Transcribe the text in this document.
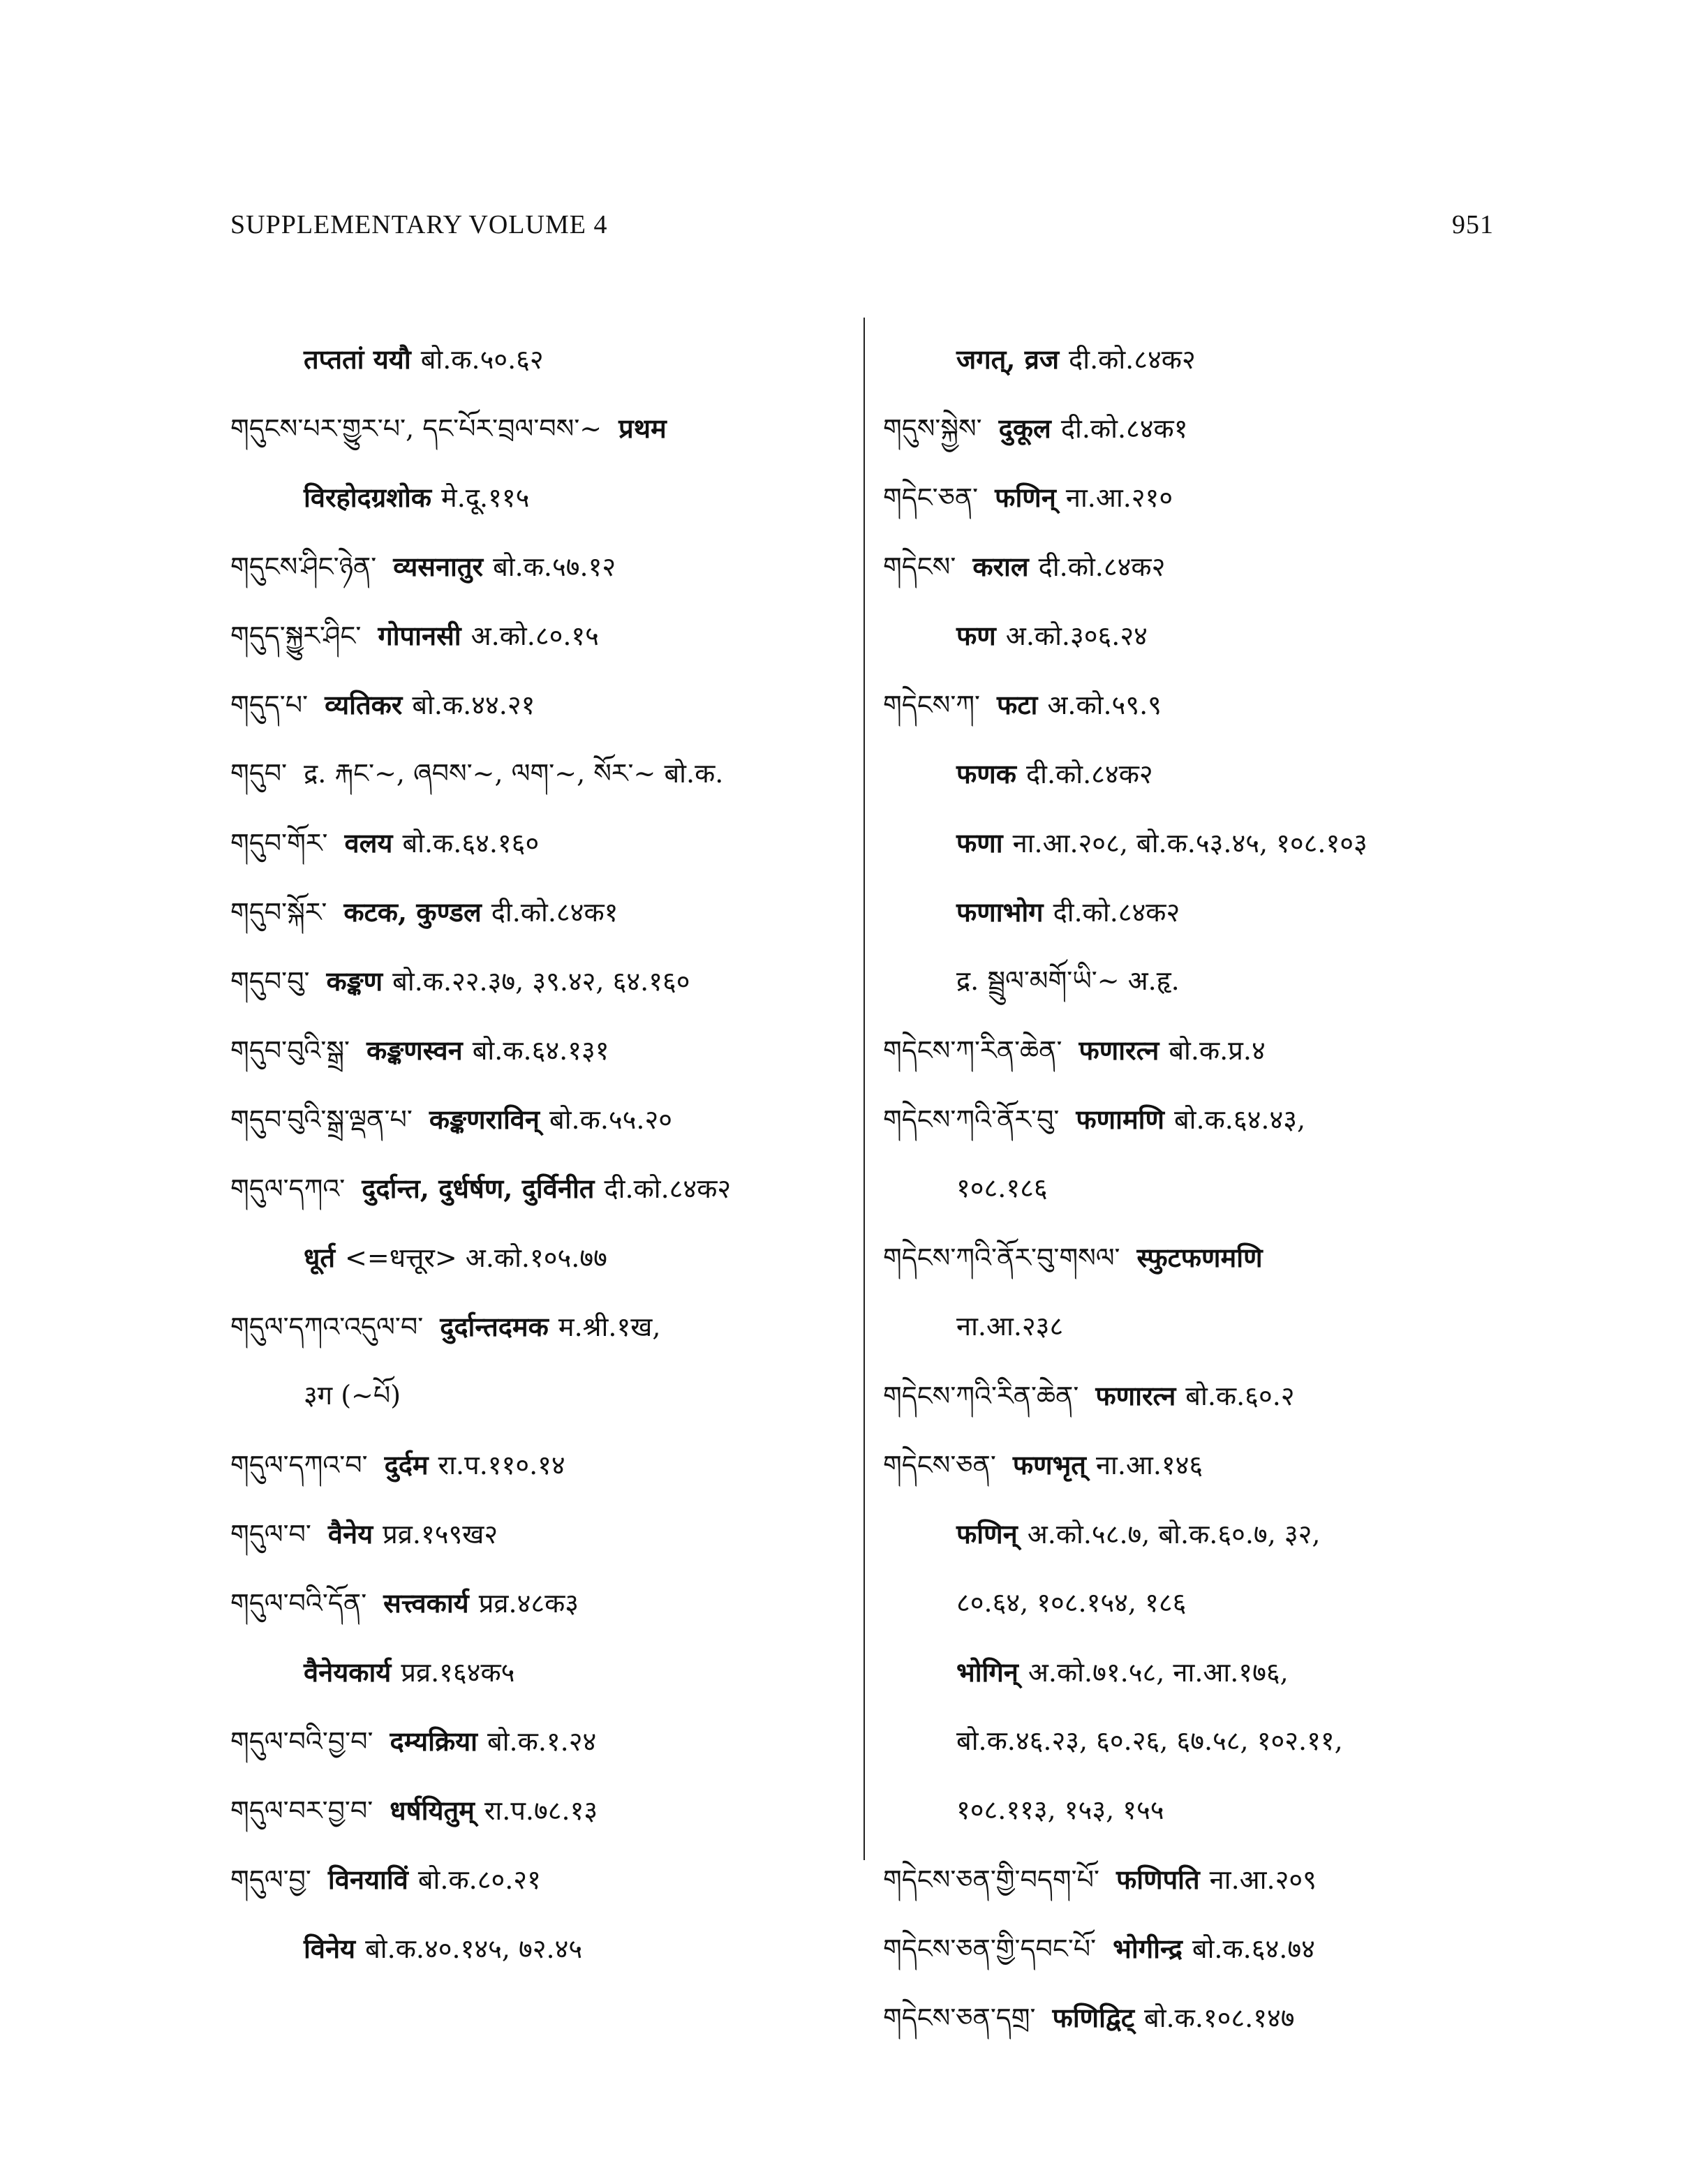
SUPPLEMENTARY VOLUME 4	951
तप्ततां ययौ बो.क.५०.६२
གདུངས་པར་གྱུར་པ་, དང་པོར་བྲལ་བས་~ प्रथम
विरहोदग्रशोक मे.दू.११५
གདུངས་ཤིང་ཉེན་ व्यसनातुर बो.क.५७.१२
གདུད་སྐྱུར་ཤིང་ गोपानसी अ.को.८०.१५
གདུད་པ་ व्यतिकर बो.क.४४.२१
གདུབ་ द्र. རྐང་~, ཞབས་~, ལག་~, སོར་~ बो.क.
གདུབ་གོར་ वलय बो.क.६४.१६०
གདུབ་སྐོར་ कटक, कुण्डल दी.को.८४क१
གདུབ་བུ་ कङ्कण बो.क.२२.३७, ३९.४२, ६४.१६०
གདུབ་བུའི་སྒྲ་ कङ्कणस्वन बो.क.६४.१३१
གདུབ་བུའི་སྒྲ་ལྡན་པ་ कङ्कणराविन् बो.क.५५.२०
གདུལ་དཀའ་ दुर्दान्त, दुर्धर्षण, दुर्विनीत दी.को.८४क२
धूर्त <=धत्तूर> अ.को.१०५.७७
གདུལ་དཀའ་འདུལ་བ་ दुर्दान्तदमक म.श्री.१ख,
३ग (~པོ)
གདུལ་དཀའ་བ་ दुर्दम रा.प.११०.१४
གདུལ་བ་ वैनेय प्रव्र.१५९ख२
གདུལ་བའི་དོན་ सत्त्वकार्य प्रव्र.४८क३
वैनेयकार्य प्रव्र.१६४क५
གདུལ་བའི་བྱ་བ་ दम्यक्रिया बो.क.१.२४
གདུལ་བར་བྱ་བ་ धर्षयितुम् रा.प.७८.१३
གདུལ་བྱ་ विनयाविं बो.क.८०.२१
विनेय बो.क.४०.१४५, ७२.४५
जगत्, व्रज दी.को.८४क२
གདུས་སྐྱེས་ दुकूल दी.को.८४क१
གདེང་ཅན་ फणिन् ना.आ.२१०
གདེངས་ कराल दी.को.८४क२
फण अ.को.३०६.२४
གདེངས་ཀ་ फटा अ.को.५९.९
फणक दी.को.८४क२
फणा ना.आ.२०८, बो.क.५३.४५, १०८.१०३
फणाभोग दी.को.८४क२
द्र. སྦྲུལ་མགོ་ཡི་~ अ.हृ.
གདེངས་ཀ་རིན་ཆེན་ फणारत्न बो.क.प्र.४
གདེངས་ཀའི་ནོར་བུ་ फणामणि बो.क.६४.४३,
१०८.१८६
གདེངས་ཀའི་ནོར་བུ་གསལ་ स्फुटफणमणि
ना.आ.२३८
གདེངས་ཀའི་རིན་ཆེན་ फणारत्न बो.क.६०.२
གདེངས་ཅན་ फणभृत् ना.आ.१४६
फणिन् अ.को.५८.७, बो.क.६०.७, ३२,
८०.६४, १०८.१५४, १८६
भोगिन् अ.को.७१.५८, ना.आ.१७६,
बो.क.४६.२३, ६०.२६, ६७.५८, १०२.११,
१०८.११३, १५३, १५५
གདེངས་ཅན་གྱི་བདག་པོ་ फणिपति ना.आ.२०९
གདེངས་ཅན་གྱི་དབང་པོ་ भोगीन्द्र बो.क.६४.७४
གདེངས་ཅན་དགྲ་ फणिद्विट् बो.क.१०८.१४७
